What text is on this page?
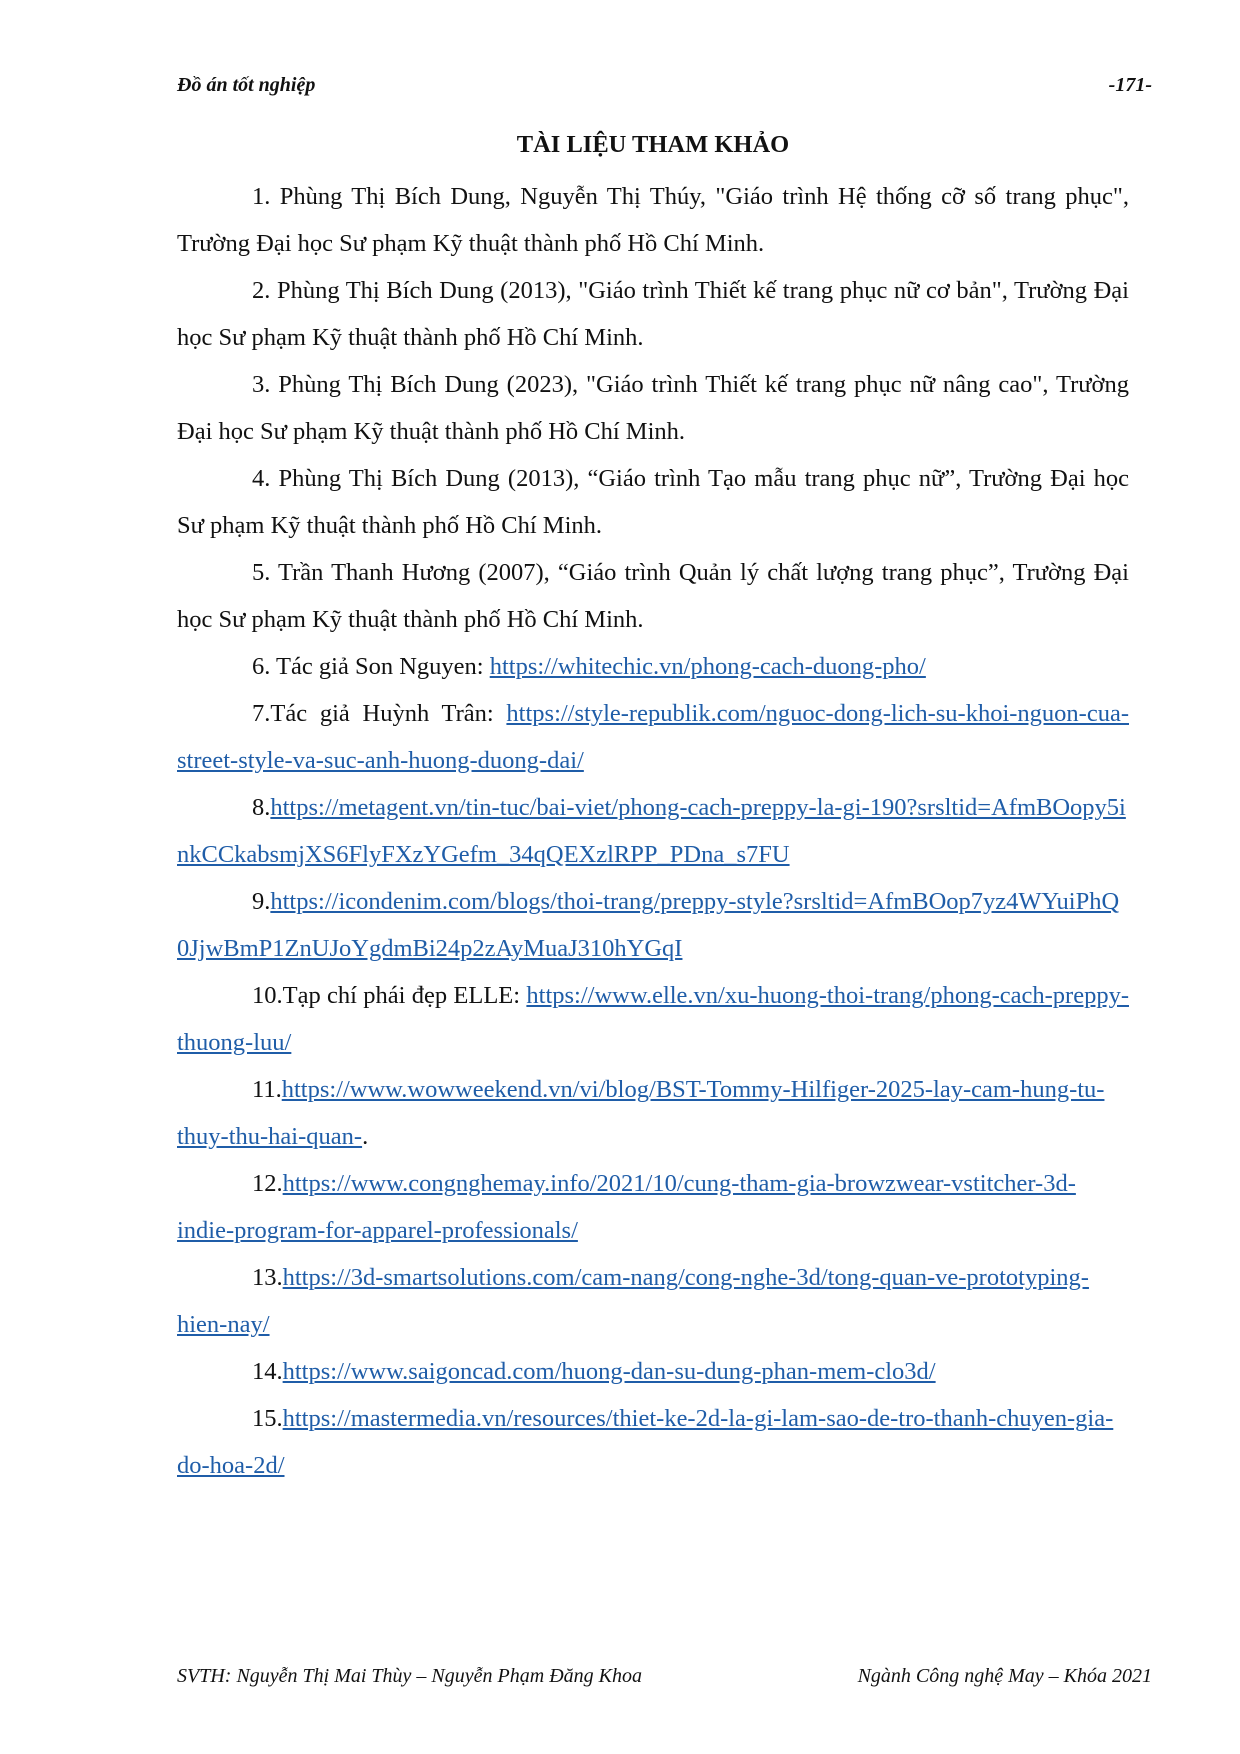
Đồ án tốt nghiệp	-171-
TÀI LIỆU THAM KHẢO

1. Phùng Thị Bích Dung, Nguyễn Thị Thúy, "Giáo trình Hệ thống cỡ số trang phục", Trường Đại học Sư phạm Kỹ thuật thành phố Hồ Chí Minh.

2. Phùng Thị Bích Dung (2013), "Giáo trình Thiết kế trang phục nữ cơ bản", Trường Đại học Sư phạm Kỹ thuật thành phố Hồ Chí Minh.

3. Phùng Thị Bích Dung (2023), "Giáo trình Thiết kế trang phục nữ nâng cao", Trường Đại học Sư phạm Kỹ thuật thành phố Hồ Chí Minh.

4. Phùng Thị Bích Dung (2013), “Giáo trình Tạo mẫu trang phục nữ”, Trường Đại học Sư phạm Kỹ thuật thành phố Hồ Chí Minh.

5. Trần Thanh Hương (2007), “Giáo trình Quản lý chất lượng trang phục”, Trường Đại học Sư phạm Kỹ thuật thành phố Hồ Chí Minh.

6. Tác giả Son Nguyen: https://whitechic.vn/phong-cach-duong-pho/

7.Tác giả Huỳnh Trân: https://style-republik.com/nguoc-dong-lich-su-khoi-nguon-cua-street-style-va-suc-anh-huong-duong-dai/

8.https://metagent.vn/tin-tuc/bai-viet/phong-cach-preppy-la-gi-190?srsltid=AfmBOopy5inkCCkabsmjXS6FlyFXzYGefm_34qQEXzlRPP_PDna_s7FU

9.https://icondenim.com/blogs/thoi-trang/preppy-style?srsltid=AfmBOop7yz4WYuiPhQ0JjwBmP1ZnUJoYgdmBi24p2zAyMuaJ310hYGqI

10.Tạp chí phái đẹp ELLE: https://www.elle.vn/xu-huong-thoi-trang/phong-cach-preppy-thuong-luu/

11.https://www.wowweekend.vn/vi/blog/BST-Tommy-Hilfiger-2025-lay-cam-hung-tu-thuy-thu-hai-quan-.

12.https://www.congnghemay.info/2021/10/cung-tham-gia-browzwear-vstitcher-3d-indie-program-for-apparel-professionals/

13.https://3d-smartsolutions.com/cam-nang/cong-nghe-3d/tong-quan-ve-prototyping-hien-nay/

14.https://www.saigoncad.com/huong-dan-su-dung-phan-mem-clo3d/

15.https://mastermedia.vn/resources/thiet-ke-2d-la-gi-lam-sao-de-tro-thanh-chuyen-gia-do-hoa-2d/

SVTH: Nguyễn Thị Mai Thùy – Nguyễn Phạm Đăng Khoa	Ngành Công nghệ May – Khóa 2021
